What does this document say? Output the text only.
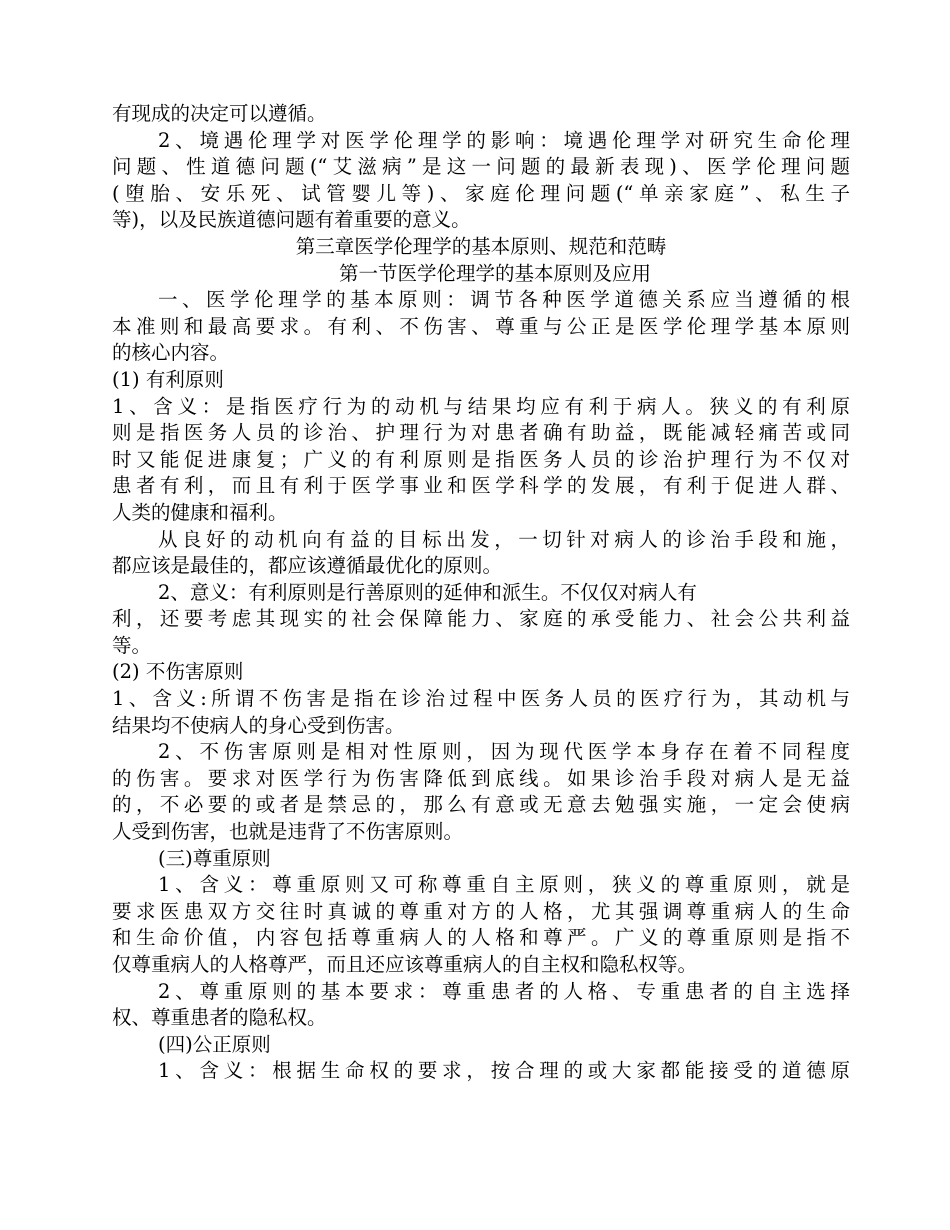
有现成的决定可以遵循。
2、境遇伦理学对医学伦理学的影响：境遇伦理学对研究生命伦理
问题、性道德问题(“艾滋病”是这一问题的最新表现)、医学伦理问题
(堕胎、安乐死、试管婴儿等)、家庭伦理问题(“单亲家庭”、私生子
等)，以及民族道德问题有着重要的意义。
第三章医学伦理学的基本原则、规范和范畴
第一节医学伦理学的基本原则及应用
一、医学伦理学的基本原则：调节各种医学道德关系应当遵循的根
本准则和最高要求。有利、不伤害、尊重与公正是医学伦理学基本原则
的核心内容。
(1) 有利原则
1、含义：是指医疗行为的动机与结果均应有利于病人。狭义的有利原
则是指医务人员的诊治、护理行为对患者确有助益，既能减轻痛苦或同
时又能促进康复；广义的有利原则是指医务人员的诊治护理行为不仅对
患者有利，而且有利于医学事业和医学科学的发展，有利于促进人群、
人类的健康和福利。
从良好的动机向有益的目标出发，一切针对病人的诊治手段和施，
都应该是最佳的，都应该遵循最优化的原则。
2、意义：有利原则是行善原则的延伸和派生。不仅仅对病人有
利，还要考虑其现实的社会保障能力、家庭的承受能力、社会公共利益
等。
(2) 不伤害原则
1、含义:所谓不伤害是指在诊治过程中医务人员的医疗行为，其动机与
结果均不使病人的身心受到伤害。
2、不伤害原则是相对性原则，因为现代医学本身存在着不同程度
的伤害。要求对医学行为伤害降低到底线。如果诊治手段对病人是无益
的，不必要的或者是禁忌的，那么有意或无意去勉强实施，一定会使病
人受到伤害，也就是违背了不伤害原则。
(三)尊重原则
1、含义：尊重原则又可称尊重自主原则，狭义的尊重原则，就是
要求医患双方交往时真诚的尊重对方的人格，尤其强调尊重病人的生命
和生命价值，内容包括尊重病人的人格和尊严。广义的尊重原则是指不
仅尊重病人的人格尊严，而且还应该尊重病人的自主权和隐私权等。
2、尊重原则的基本要求：尊重患者的人格、专重患者的自主选择
权、尊重患者的隐私权。
(四)公正原则
1、含义：根据生命权的要求，按合理的或大家都能接受的道德原
